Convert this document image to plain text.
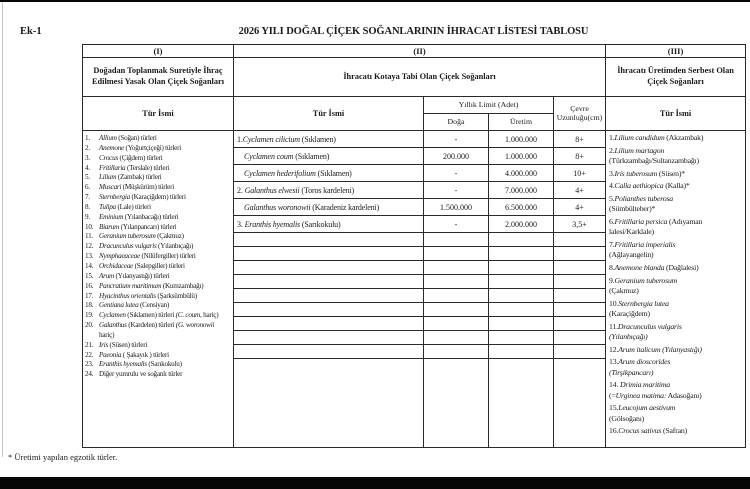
Ek-1	2026 YILI DOĞAL ÇİÇEK SOĞANLARININ İHRACAT LİSTESİ TABLOSU
(I)	(II)				(III)
Doğadan Toplanmak Suretiyle İhraç Edilmesi Yasak Olan Çiçek Soğanları	İhracatı Kotaya Tabi Olan Çiçek Soğanları				İhracatı Üretimden Serbest Olan Çiçek Soğanları
Tür İsmi	Tür İsmi	Yıllık Limit (Adet)		Çevre Uzunluğu(cm)	Tür İsmi
		Doğa	Üretim		

1.	Allium (Soğan) türleri
2.	Anemone (Yoğurtçiçeği) türleri
3.	Crocus (Çiğdem) türleri
4.	Fritillaria (Terslale) türleri
5.	Lilium (Zambak) türleri
6.	Muscari (Müşkürüm) türleri
7.	Sternbergia (Karaçiğdem) türleri
8.	Tulipa (Lale) türleri
9.	Eminium (Yılanbacağı) türleri
10. Biarum (Yılanpancarı) türleri
11. Geranium tuberosum (Çakmuz)
12. Dracunculus vulgaris (Yılanbıçağı)
13. Nymphaeaceae (Nilüfergiller) türleri
14. Orchidaceae (Salepgiller) türleri
15. Arum (Yılanyastığı) türleri
16. Pancratium maritimum (Kumzambağı)
17. Hyacinthus orientalis (Şarksümbülü)
18. Gentiana lutea (Censiyan)
19. Cyclamen (Sıklamen) türleri (C. coum, hariç)
20. Galanthus (Kardelen) türleri (G. woronowii
hariç)
21. Iris (Süsen) türleri
22. Paeonia ( Şakayık ) türleri
23. Eranthis hyemalis (Sarıkokulu)
24. Diğer yumrulu ve soğanlı türler
	1.Cyclamen cilicium (Sıklamen)	-	1.000.000	8+	1.Lilium candidum (Akzambak)
2.Lilium martagon
(Türkzambağı/Sultanzambağı)
3.Iris tuberosum (Süsen)*
4.Calla aethiopica (Kalla)*
5.Polianthes tuberosa
(Sümbülteber)*
6.Fritillaria persica (Adıyaman
lalesi/Karklale)
7.Fritillaria imperialis
(Ağlayangelin)
8.Anemone blanda (Dağlalesi)
9.Geranium tuberosum
(Çakmuz)
10.Sternbergia lutea
(Karaçiğdem)
11.Dracunculus vulgaris
(Yılanbıçağı)
12.Arum italicum (Yılanyastığı)
13.Arum dioscorides
(Tirşikpancarı)
14. Drimia maritima
(=Urginea matima: Adasoğanı)
15.Leucojum aestivum
(Gölsoğanı)
16.Crocus sativus (Safran)

	Cyclamen coum (Sıklamen)	200.000	1.000.000	8+	
	Cyclamen hederifolium (Sıklamen)	-	4.000.000	10+	
	2. Galanthus elwesii (Toros kardeleni)	-	7.000.000	4+	
	Galanthus woronowii (Karadeniz kardeleni)	1.500.000	6.500.000	4+	
	3. Eranthis hyemalis (Sarıkokulu)	-	2.000.000	3,5+	

* Üretimi yapılan egzotik türler.
